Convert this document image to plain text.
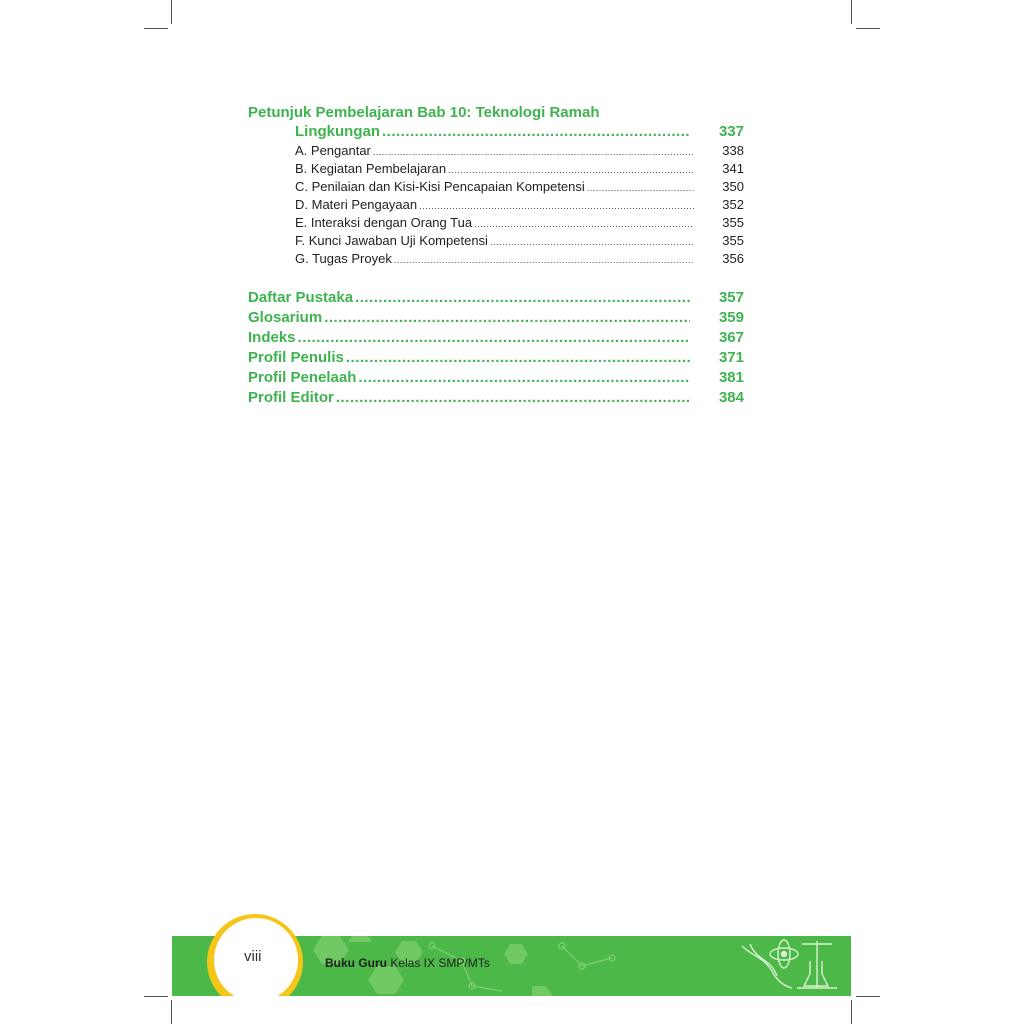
Petunjuk Pembelajaran Bab 10: Teknologi Ramah
Lingkungan .....	337
A. Pengantar .....	338
B. Kegiatan Pembelajaran .....	341
C. Penilaian dan Kisi-Kisi Pencapaian Kompetensi .....	350
D. Materi Pengayaan .....	352
E. Interaksi dengan Orang Tua .....	355
F. Kunci Jawaban Uji Kompetensi .....	355
G. Tugas Proyek .....	356
Daftar Pustaka .....	357
Glosarium .....	359
Indeks .....	367
Profil Penulis .....	371
Profil Penelaah .....	381
Profil Editor .....	384
viii	Buku Guru Kelas IX SMP/MTs
